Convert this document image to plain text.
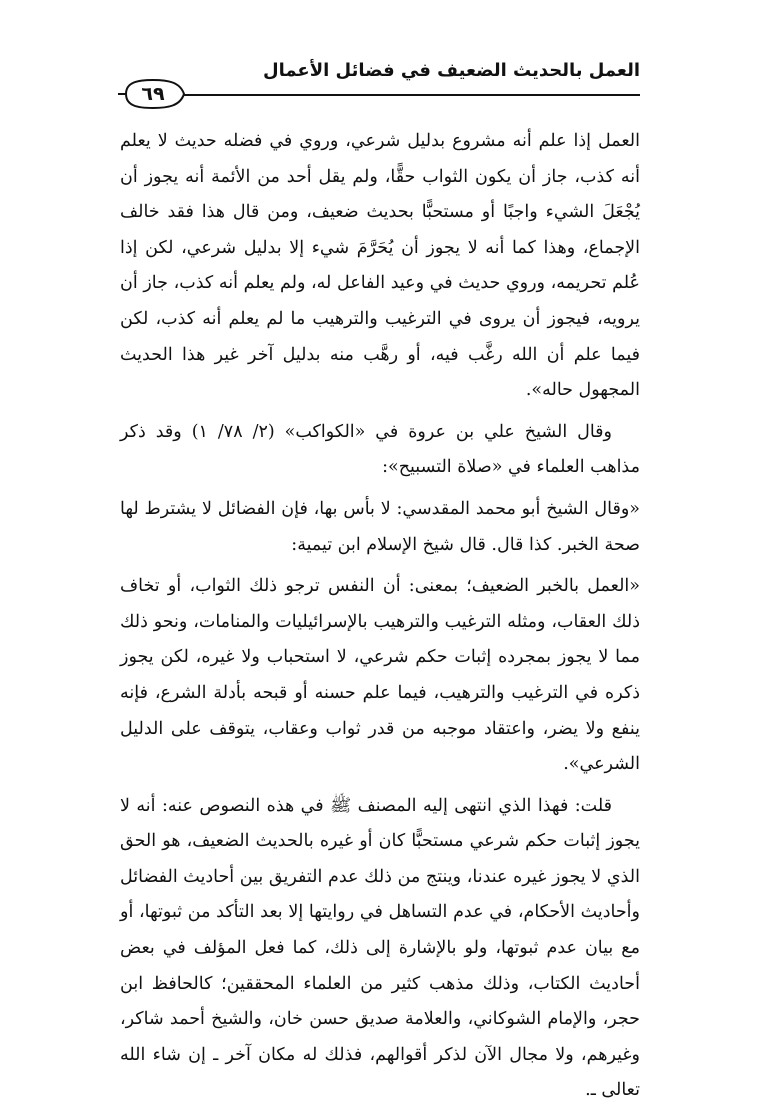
العمل بالحديث الضعيف في فضائل الأعمال
٦٩

العمل إذا علم أنه مشروع بدليل شرعي، وروي في فضله حديث لا يعلم أنه كذب، جاز أن يكون الثواب حقًّا، ولم يقل أحد من الأئمة أنه يجوز أن يُجْعَلَ الشيء واجبًا أو مستحبًّا بحديث ضعيف، ومن قال هذا فقد خالف الإجماع، وهذا كما أنه لا يجوز أن يُحَرَّمَ شيء إلا بدليل شرعي، لكن إذا عُلم تحريمه، وروي حديث في وعيد الفاعل له، ولم يعلم أنه كذب، جاز أن يرويه، فيجوز أن يروى في الترغيب والترهيب ما لم يعلم أنه كذب، لكن فيما علم أن الله رغَّب فيه، أو رهَّب منه بدليل آخر غير هذا الحديث المجهول حاله».

وقال الشيخ علي بن عروة في «الكواكب» (٢/ ٧٨/ ١) وقد ذكر مذاهب العلماء في «صلاة التسبيح»:

«وقال الشيخ أبو محمد المقدسي: لا بأس بها، فإن الفضائل لا يشترط لها صحة الخبر. كذا قال. قال شيخ الإسلام ابن تيمية:

«العمل بالخبر الضعيف؛ بمعنى: أن النفس ترجو ذلك الثواب، أو تخاف ذلك العقاب، ومثله الترغيب والترهيب بالإسرائيليات والمنامات، ونحو ذلك مما لا يجوز بمجرده إثبات حكم شرعي، لا استحباب ولا غيره، لكن يجوز ذكره في الترغيب والترهيب، فيما علم حسنه أو قبحه بأدلة الشرع، فإنه ينفع ولا يضر، واعتقاد موجبه من قدر ثواب وعقاب، يتوقف على الدليل الشرعي».

قلت: فهذا الذي انتهى إليه المصنف ﷺ في هذه النصوص عنه: أنه لا يجوز إثبات حكم شرعي مستحبًّا كان أو غيره بالحديث الضعيف، هو الحق الذي لا يجوز غيره عندنا، وينتج من ذلك عدم التفريق بين أحاديث الفضائل وأحاديث الأحكام، في عدم التساهل في روايتها إلا بعد التأكد من ثبوتها، أو مع بيان عدم ثبوتها، ولو بالإشارة إلى ذلك، كما فعل المؤلف في بعض أحاديث الكتاب، وذلك مذهب كثير من العلماء المحققين؛ كالحافظ ابن حجر، والإمام الشوكاني، والعلامة صديق حسن خان، والشيخ أحمد شاكر، وغيرهم، ولا مجال الآن لذكر أقوالهم، فذلك له مكان آخر ـ إن شاء الله تعالى ـ.
